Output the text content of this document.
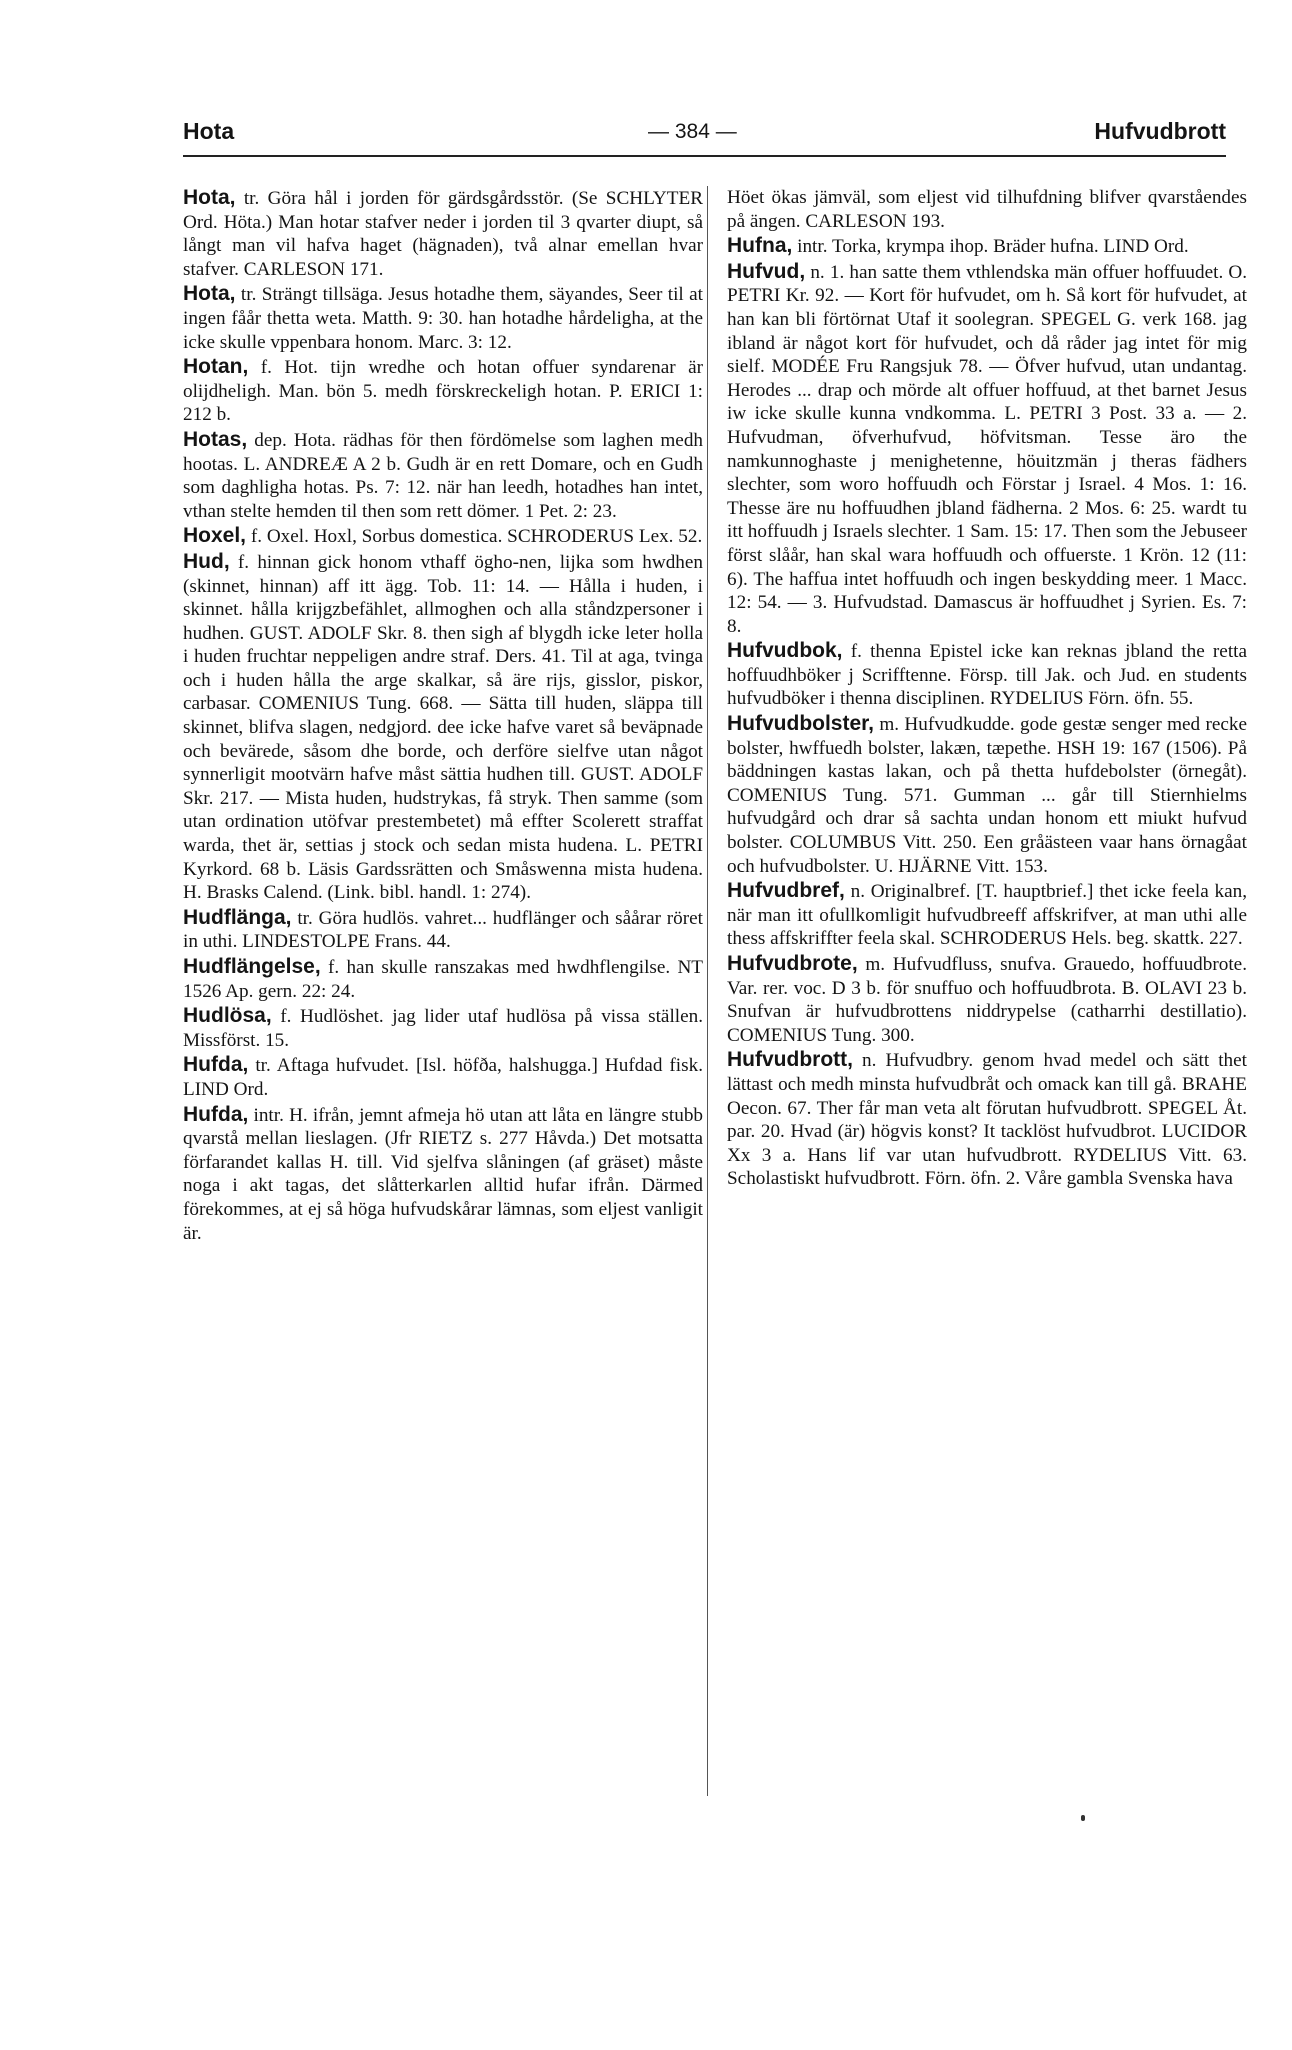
Hota	— 384 —	Hufvudbrott

Hota, tr. Göra hål i jorden för gärdsgårdsstör. (Se SCHLYTER Ord. Höta.) Man hotar stafver neder i jorden til 3 qvarter diupt, så långt man vil hafva haget (hägnaden), två alnar emellan hvar stafver. CARLESON 171.

Hota, tr. Strängt tillsäga. Jesus hotadhe them, säyandes, Seer til at ingen fåår thetta weta. Matth. 9: 30. han hotadhe hårdeligha, at the icke skulle vppenbara honom. Marc. 3: 12.

Hotan, f. Hot. tijn wredhe och hotan offuer syndarenar är olijdheligh. Man. bön 5. medh förskreckeligh hotan. P. ERICI 1: 212 b.

Hotas, dep. Hota. rädhas för then fördömelse som laghen medh hootas. L. ANDREÆ A 2 b. Gudh är en rett Domare, och en Gudh som daghligha hotas. Ps. 7: 12. när han leedh, hotadhes han intet, vthan stelte hemden til then som rett dömer. 1 Pet. 2: 23.

Hoxel, f. Oxel. Hoxl, Sorbus domestica. SCHRODERUS Lex. 52.

Hud, f. hinnan gick honom vthaff ögho-nen, lijka som hwdhen (skinnet, hinnan) aff itt ägg. Tob. 11: 14. — Hålla i huden, i skinnet. hålla krijgzbefählet, allmoghen och alla ståndzpersoner i hudhen. GUST. ADOLF Skr. 8. then sigh af blygdh icke leter holla i huden fruchtar neppeligen andre straf. Ders. 41. Til at aga, tvinga och i huden hålla the arge skalkar, så äre rijs, gisslor, piskor, carbasar. COMENIUS Tung. 668. — Sätta till huden, släppa till skinnet, blifva slagen, nedgjord. dee icke hafve varet så beväpnade och bevärede, såsom dhe borde, och derföre sielfve utan något synnerligit mootvärn hafve måst sättia hudhen till. GUST. ADOLF Skr. 217. — Mista huden, hudstrykas, få stryk. Then samme (som utan ordination utöfvar prestembetet) må effter Scolerett straffat warda, thet är, settias j stock och sedan mista hudena. L. PETRI Kyrkord. 68 b. Läsis Gardssrätten och Småswenna mista hudena. H. Brasks Calend. (Link. bibl. handl. 1: 274).

Hudflänga, tr. Göra hudlös. vahret... hudflänger och såårar röret in uthi. LINDESTOLPE Frans. 44.

Hudflängelse, f. han skulle ranszakas med hwdhflengilse. NT 1526 Ap. gern. 22: 24.

Hudlösa, f. Hudlöshet. jag lider utaf hudlösa på vissa ställen. Missförst. 15.

Hufda, tr. Aftaga hufvudet. [Isl. höfða, halshugga.] Hufdad fisk. LIND Ord.

Hufda, intr. H. ifrån, jemnt afmeja hö utan att låta en längre stubb qvarstå mellan lieslagen. (Jfr RIETZ s. 277 Håvda.) Det motsatta förfarandet kallas H. till. Vid sjelfva slåningen (af gräset) måste noga i akt tagas, det slåtterkarlen alltid hufar ifrån. Därmed förekommes, at ej så höga hufvudskårar lämnas, som eljest vanligit är.

Höet ökas jämväl, som eljest vid tilhufdning blifver qvarståendes på ängen. CARLESON 193.

Hufna, intr. Torka, krympa ihop. Bräder hufna. LIND Ord.

Hufvud, n. 1. han satte them vthlendska män offuer hoffuudet. O. PETRI Kr. 92. — Kort för hufvudet, om h. Så kort för hufvudet, at han kan bli förtörnat Utaf it soolegran. SPEGEL G. verk 168. jag ibland är något kort för hufvudet, och då råder jag intet för mig sielf. MODÉE Fru Rangsjuk 78. — Öfver hufvud, utan undantag. Herodes ... drap och mörde alt offuer hoffuud, at thet barnet Jesus iw icke skulle kunna vndkomma. L. PETRI 3 Post. 33 a. — 2. Hufvudman, öfverhufvud, höfvitsman. Tesse äro the namkunnoghaste j menighetenne, höuitzmän j theras fädhers slechter, som woro hoffuudh och Förstar j Israel. 4 Mos. 1: 16. Thesse äre nu hoffuudhen jbland fädherna. 2 Mos. 6: 25. wardt tu itt hoffuudh j Israels slechter. 1 Sam. 15: 17. Then som the Jebuseer först slåår, han skal wara hoffuudh och offuerste. 1 Krön. 12 (11: 6). The haffua intet hoffuudh och ingen beskydding meer. 1 Macc. 12: 54. — 3. Hufvudstad. Damascus är hoffuudhet j Syrien. Es. 7: 8.

Hufvudbok, f. thenna Epistel icke kan reknas jbland the retta hoffuudhböker j Scrifftenne. Försp. till Jak. och Jud. en students hufvudböker i thenna disciplinen. RYDELIUS Förn. öfn. 55.

Hufvudbolster, m. Hufvudkudde. gode gestæ senger med recke bolster, hwffuedh bolster, lakæn, tæpethe. HSH 19: 167 (1506). På bäddningen kastas lakan, och på thetta hufdebolster (örnegåt). COMENIUS Tung. 571. Gumman ... går till Stiernhielms hufvudgård och drar så sachta undan honom ett miukt hufvud bolster. COLUMBUS Vitt. 250. Een gråästeen vaar hans örnagåat och hufvudbolster. U. HJÄRNE Vitt. 153.

Hufvudbref, n. Originalbref. [T. hauptbrief.] thet icke feela kan, när man itt ofullkomligit hufvudbreeff affskrifver, at man uthi alle thess affskriffter feela skal. SCHRODERUS Hels. beg. skattk. 227.

Hufvudbrote, m. Hufvudfluss, snufva. Grauedo, hoffuudbrote. Var. rer. voc. D 3 b. för snuffuo och hoffuudbrota. B. OLAVI 23 b. Snufvan är hufvudbrottens niddrypelse (catharrhi destillatio). COMENIUS Tung. 300.

Hufvudbrott, n. Hufvudbry. genom hvad medel och sätt thet lättast och medh minsta hufvudbråt och omack kan till gå. BRAHE Oecon. 67. Ther får man veta alt förutan hufvudbrott. SPEGEL Åt. par. 20. Hvad (är) högvis konst? It tacklöst hufvudbrot. LUCIDOR Xx 3 a. Hans lif var utan hufvudbrott. RYDELIUS Vitt. 63. Scholastiskt hufvudbrott. Förn. öfn. 2. Våre gambla Svenska hava
